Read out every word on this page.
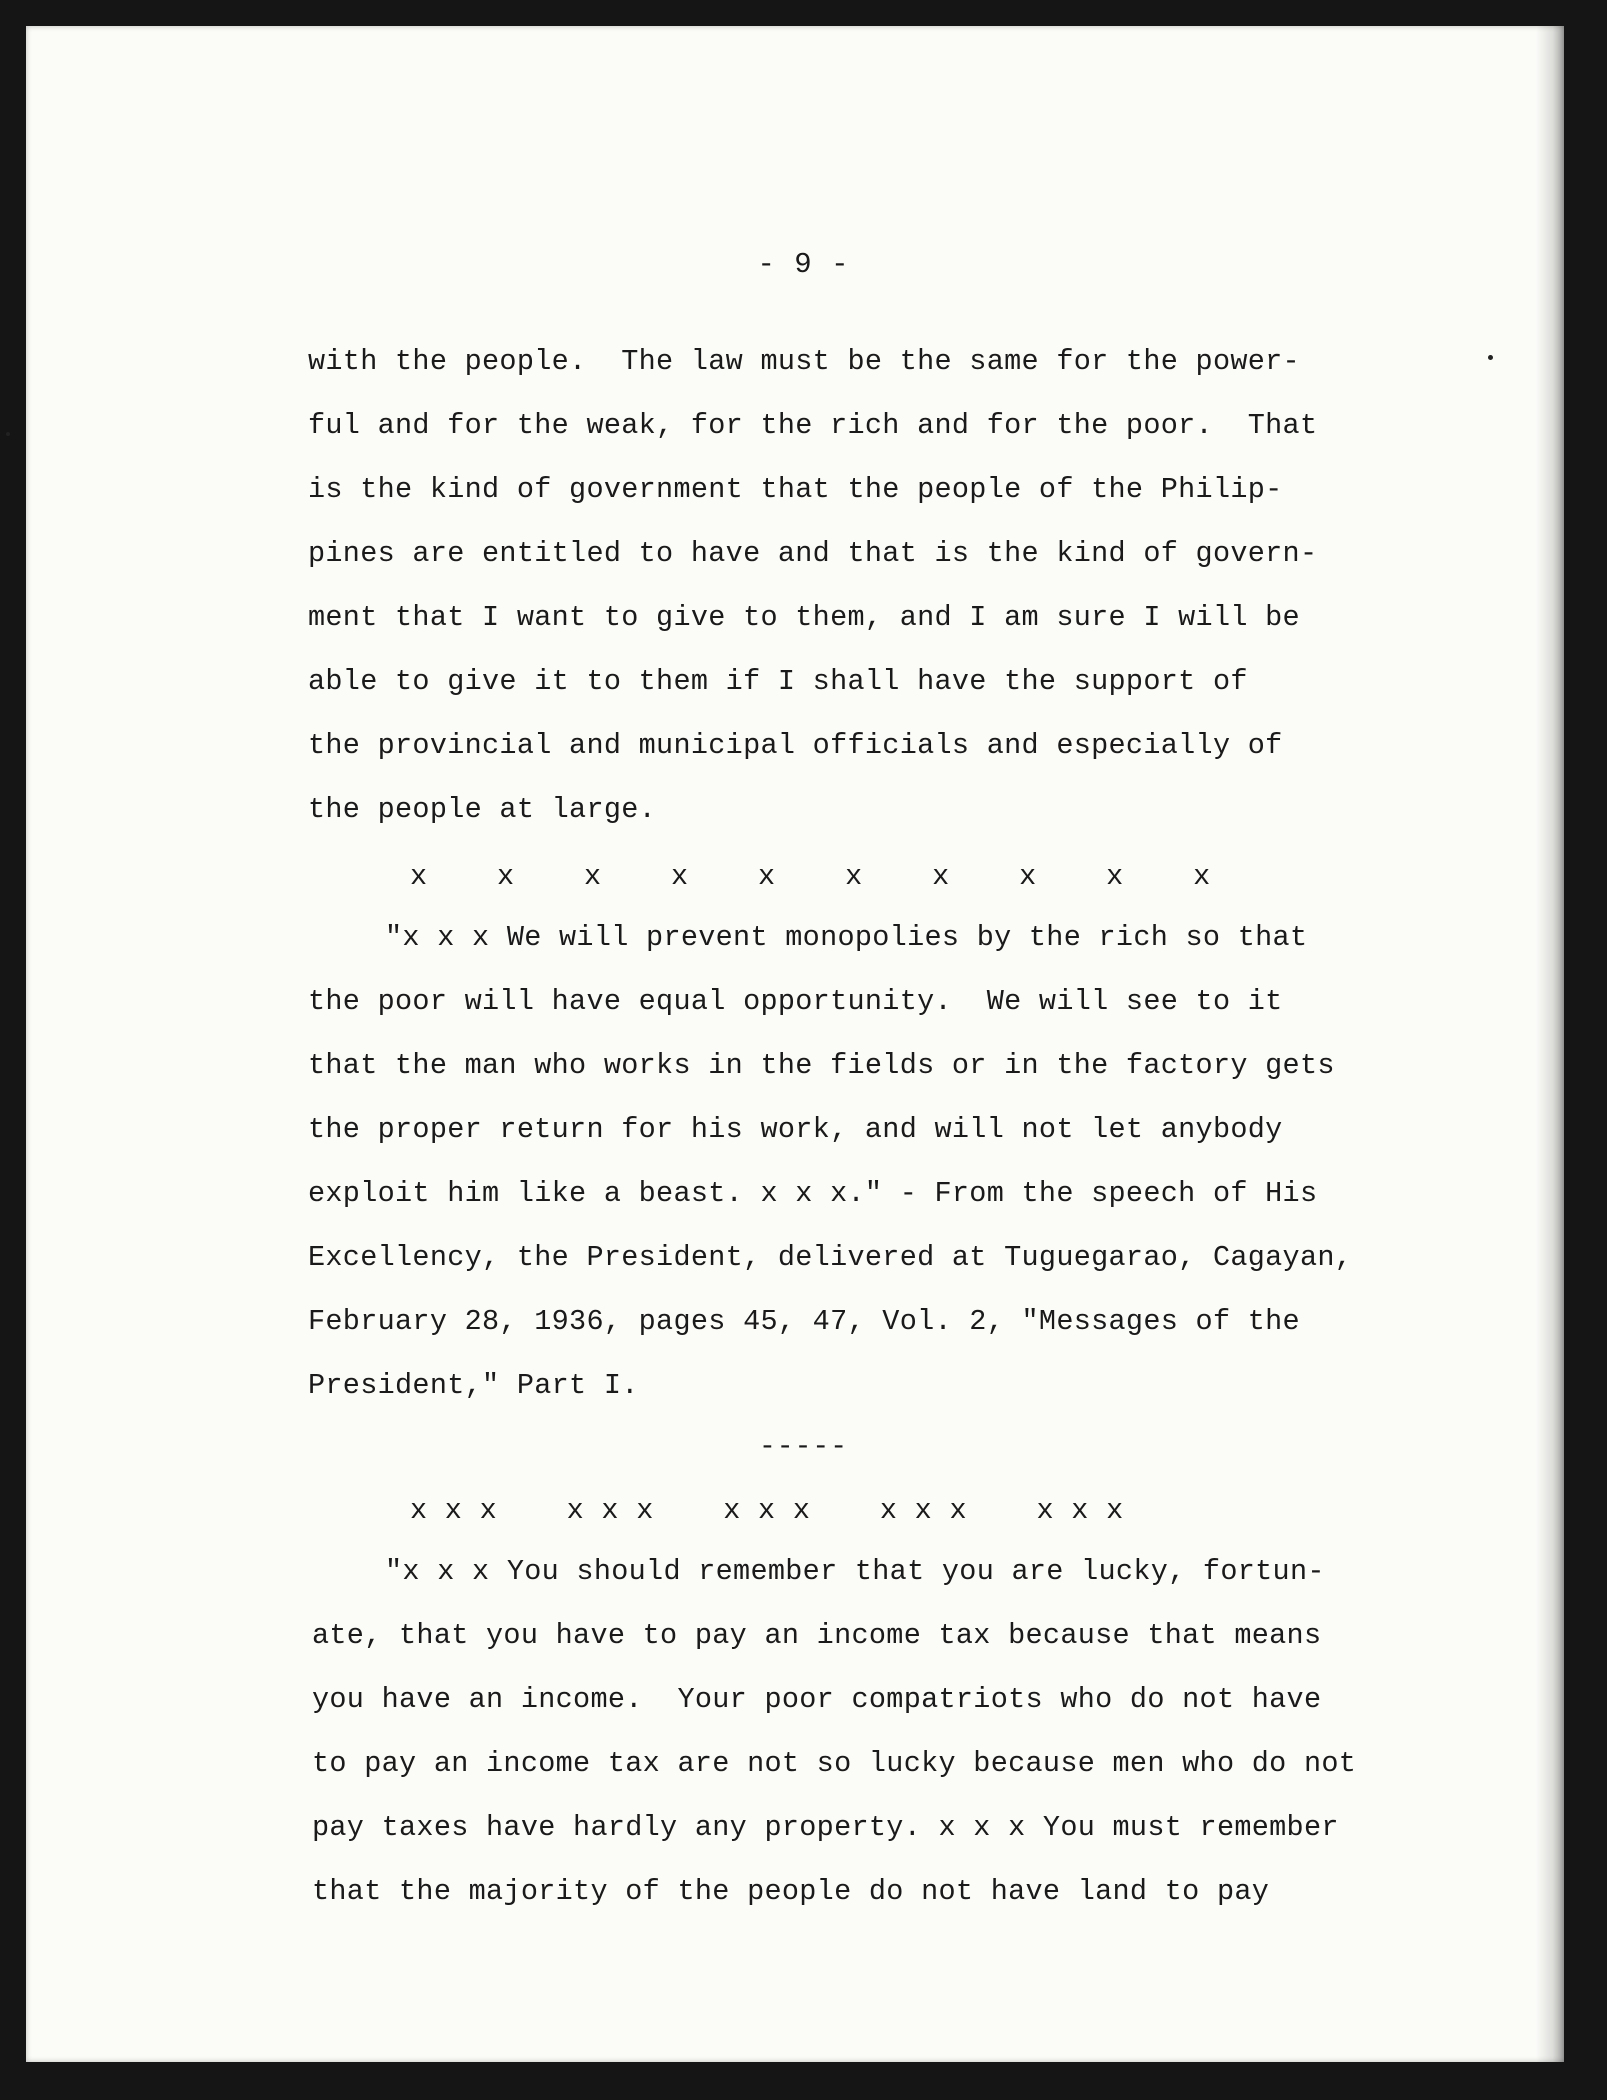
- 9 -
with the people.  The law must be the same for the power-
ful and for the weak, for the rich and for the poor.  That
is the kind of government that the people of the Philip-
pines are entitled to have and that is the kind of govern-
ment that I want to give to them, and I am sure I will be
able to give it to them if I shall have the support of
the provincial and municipal officials and especially of
the people at large.
x    x    x    x    x    x    x    x    x    x
"x x x We will prevent monopolies by the rich so that
the poor will have equal opportunity.  We will see to it
that the man who works in the fields or in the factory gets
the proper return for his work, and will not let anybody
exploit him like a beast. x x x." - From the speech of His
Excellency, the President, delivered at Tuguegarao, Cagayan,
February 28, 1936, pages 45, 47, Vol. 2, "Messages of the
President," Part I.
-----
x x x    x x x    x x x    x x x    x x x
"x x x You should remember that you are lucky, fortun-
ate, that you have to pay an income tax because that means
you have an income.  Your poor compatriots who do not have
to pay an income tax are not so lucky because men who do not
pay taxes have hardly any property. x x x You must remember
that the majority of the people do not have land to pay
